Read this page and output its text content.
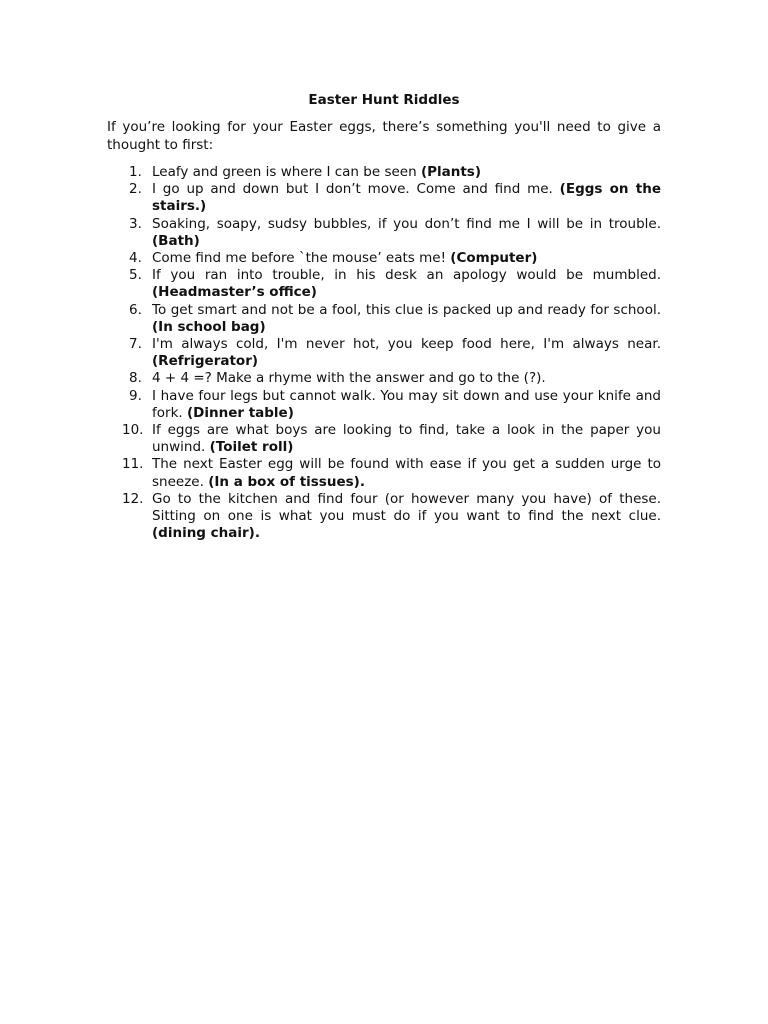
Easter Hunt Riddles

If you’re looking for your Easter eggs, there’s something you'll need to give a thought to first:

1. Leafy and green is where I can be seen (Plants)
2. I go up and down but I don’t move. Come and find me. (Eggs on the stairs.)
3. Soaking, soapy, sudsy bubbles, if you don’t find me I will be in trouble. (Bath)
4. Come find me before `the mouse’ eats me! (Computer)
5. If you ran into trouble, in his desk an apology would be mumbled. (Headmaster’s office)
6. To get smart and not be a fool, this clue is packed up and ready for school. (In school bag)
7. I'm always cold, I'm never hot, you keep food here, I'm always near. (Refrigerator)
8. 4 + 4 =? Make a rhyme with the answer and go to the (?).
9. I have four legs but cannot walk. You may sit down and use your knife and fork. (Dinner table)
10. If eggs are what boys are looking to find, take a look in the paper you unwind. (Toilet roll)
11. The next Easter egg will be found with ease if you get a sudden urge to sneeze. (In a box of tissues).
12. Go to the kitchen and find four (or however many you have) of these. Sitting on one is what you must do if you want to find the next clue. (dining chair).
